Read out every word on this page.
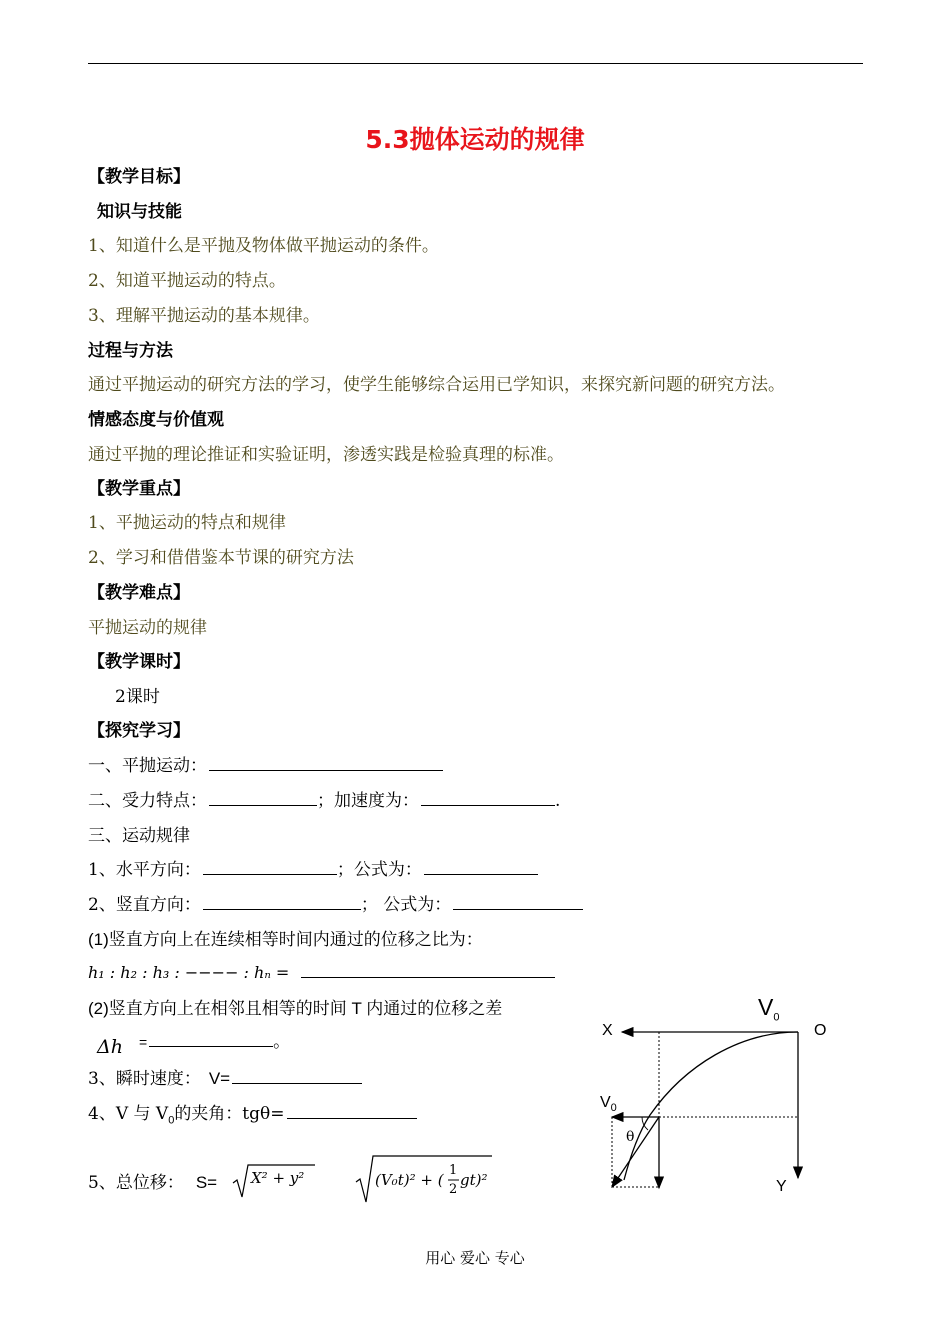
5.3抛体运动的规律
【教学目标】
知识与技能
1、知道什么是平抛及物体做平抛运动的条件。
2、知道平抛运动的特点。
3、理解平抛运动的基本规律。
过程与方法
通过平抛运动的研究方法的学习，使学生能够综合运用已学知识，来探究新问题的研究方法。
情感态度与价值观
通过平抛的理论推证和实验证明，渗透实践是检验真理的标准。
【教学重点】
1、平抛运动的特点和规律
2、学习和借借鉴本节课的研究方法
【教学难点】
平抛运动的规律
【教学课时】
2课时
【探究学习】
一、平抛运动：
二、受力特点：	；加速度为：	.
三、运动规律
1、水平方向：	；公式为：
2、竖直方向：	； 公式为：
(1)竖直方向上在连续相等时间内通过的位移之比为：
h₁ : h₂ : h₃ : −−−− : hₙ =
(2)竖直方向上在相邻且相等的时间 T 内通过的位移之差
Δh =	。
3、瞬时速度： V=
4、V 与 $V_0$的夹角：tgθ=
5、总位移： S= X² + y²	(V₀t)² + (
1
2
gt)²
$V_0$
X	O
$V_0$
θ
Y
用心 爱心 专心
